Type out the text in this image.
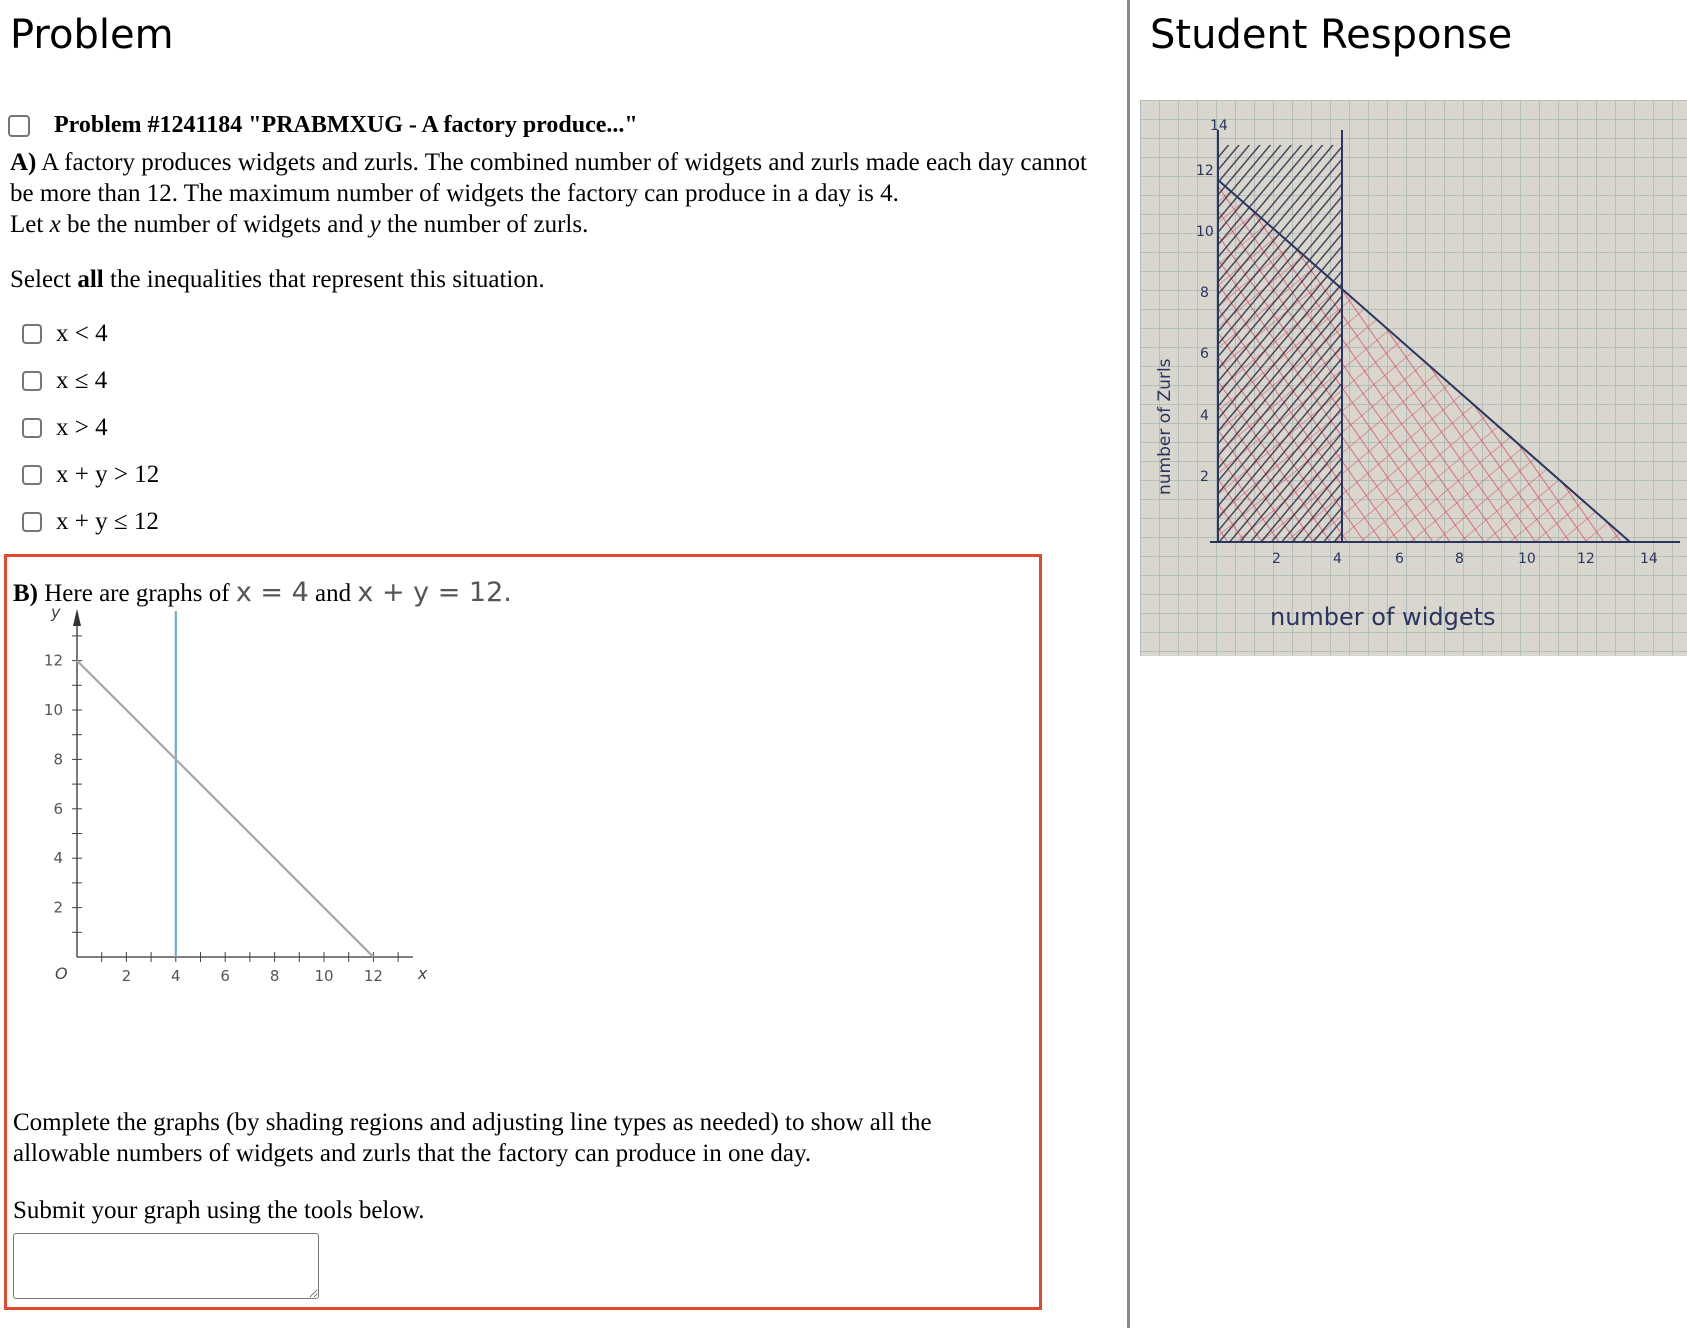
Problem
Problem #1241184 "PRABMXUG - A factory produce..."
A) A factory produces widgets and zurls. The combined number of widgets and zurls made each day cannot be more than 12. The maximum number of widgets the factory can produce in a day is 4.
Let x be the number of widgets and y the number of zurls.
Select all the inequalities that represent this situation.
x < 4
x ≤ 4
x > 4
x + y > 12
x + y ≤ 12
B) Here are graphs of x = 4 and x + y = 12.
2	4	6	8 10 12
2
4
6
8
10
12
x
y
O
Complete the graphs (by shading regions and adjusting line types as needed) to show all the allowable numbers of widgets and zurls that the factory can produce in one day.
Submit your graph using the tools below.
Student Response
2	4	6	8	10	12	14
2
4
6
8
10
12
14
number of widgets
number of Zurls
